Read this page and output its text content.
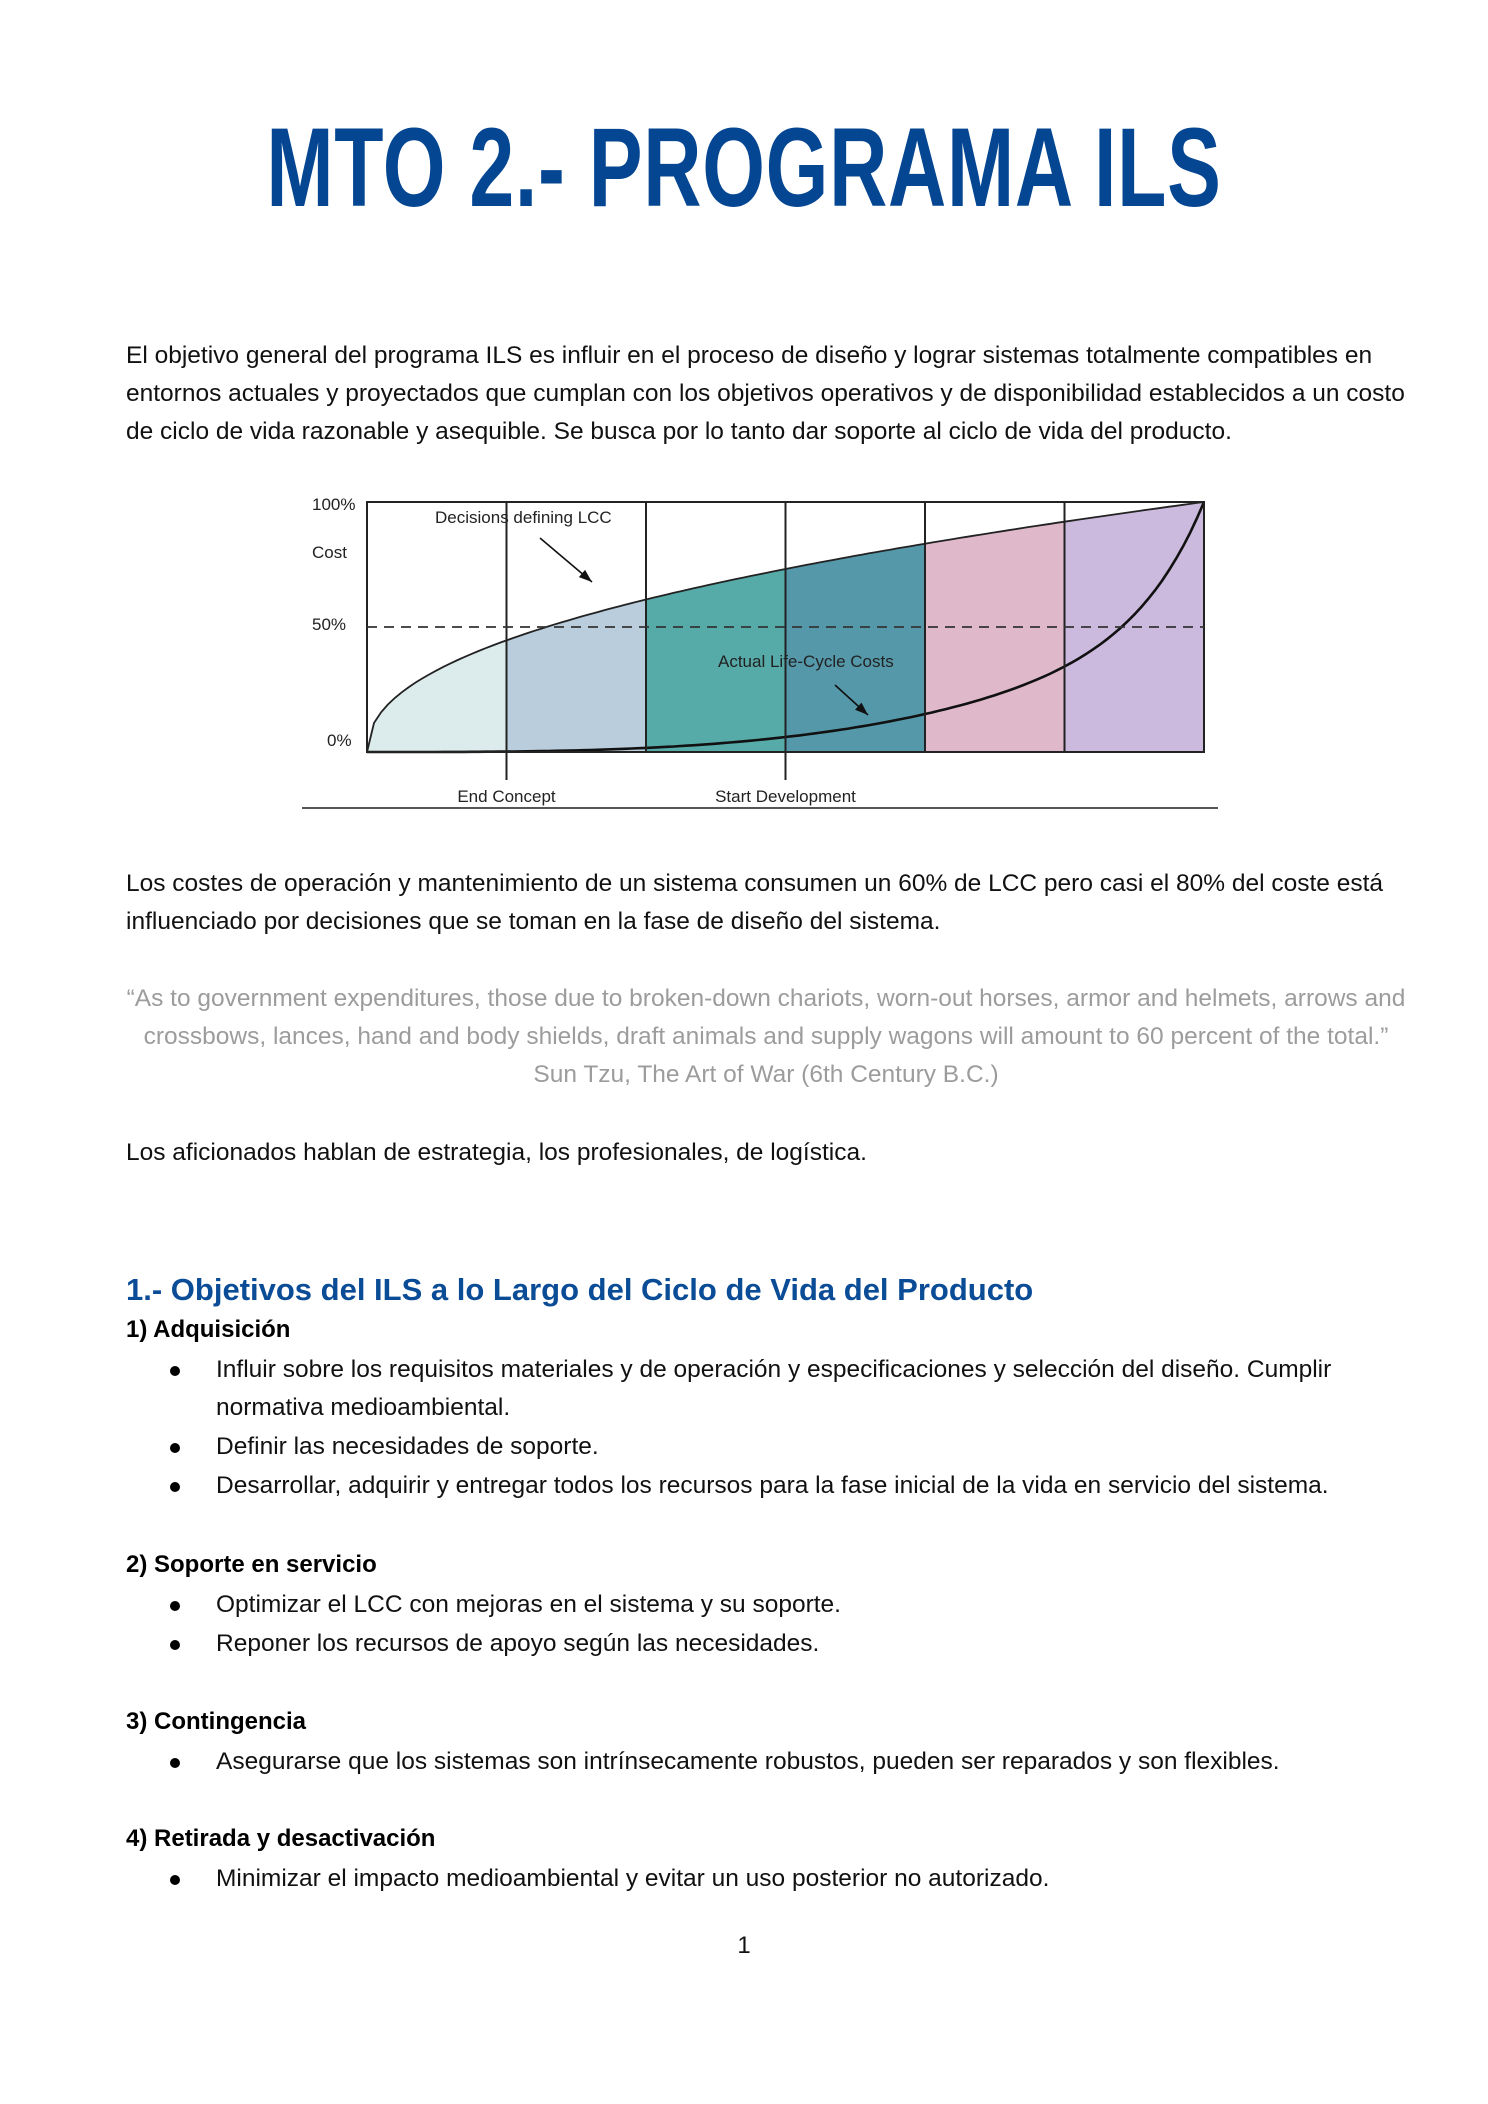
MTO 2.- PROGRAMA ILS
El objetivo general del programa ILS es influir en el proceso de diseño y lograr sistemas totalmente compatibles en entornos actuales y proyectados que cumplan con los objetivos operativos y de disponibilidad establecidos a un costo de ciclo de vida razonable y asequible. Se busca por lo tanto dar soporte al ciclo de vida del producto.
100%
Cost
50%
0%
End Concept	Start Development
Decisions defining LCC
Actual Life-Cycle Costs
Los costes de operación y mantenimiento de un sistema consumen un 60% de LCC pero casi el 80% del coste está influenciado por decisiones que se toman en la fase de diseño del sistema.
“As to government expenditures, those due to broken-down chariots, worn-out horses, armor and helmets, arrows and crossbows, lances, hand and body shields, draft animals and supply wagons will amount to 60 percent of the total.” Sun Tzu, The Art of War (6th Century B.C.)
Los aficionados hablan de estrategia, los profesionales, de logística.
1.- Objetivos del ILS a lo Largo del Ciclo de Vida del Producto
1) Adquisición
Influir sobre los requisitos materiales y de operación y especificaciones y selección del diseño. Cumplir normativa medioambiental.
Definir las necesidades de soporte.
Desarrollar, adquirir y entregar todos los recursos para la fase inicial de la vida en servicio del sistema.
2) Soporte en servicio
Optimizar el LCC con mejoras en el sistema y su soporte.
Reponer los recursos de apoyo según las necesidades.
3) Contingencia
Asegurarse que los sistemas son intrínsecamente robustos, pueden ser reparados y son flexibles.
4) Retirada y desactivación
Minimizar el impacto medioambiental y evitar un uso posterior no autorizado.
1
